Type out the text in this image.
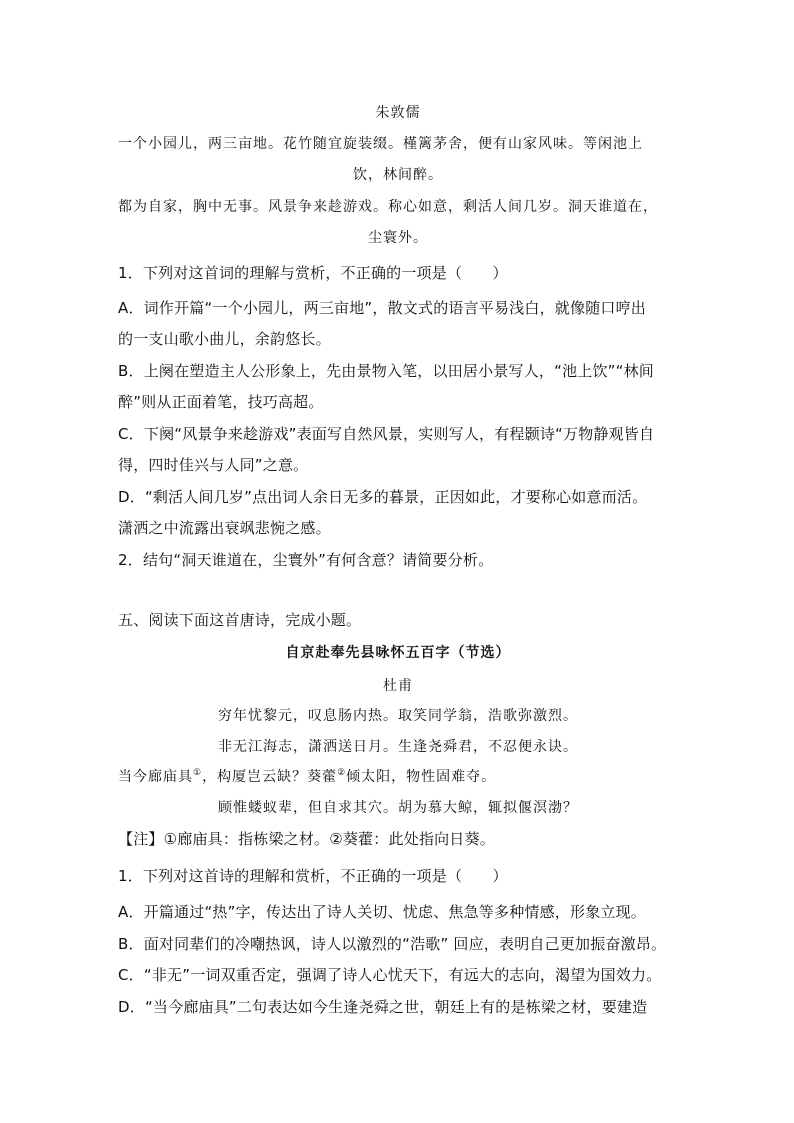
朱敦儒
一个小园儿，两三亩地。花竹随宜旋装缀。槿篱茅舍，便有山家风味。等闲池上
饮，林间醉。
都为自家，胸中无事。风景争来趁游戏。称心如意，剩活人间几岁。洞天谁道在，
尘寰外。
1．下列对这首词的理解与赏析，不正确的一项是（　　）
A．词作开篇“一个小园儿，两三亩地”，散文式的语言平易浅白，就像随口哼出
的一支山歌小曲儿，余韵悠长。
B．上阕在塑造主人公形象上，先由景物入笔，以田居小景写人，“池上饮”“林间
醉”则从正面着笔，技巧高超。
C．下阕“风景争来趁游戏”表面写自然风景，实则写人，有程颢诗“万物静观皆自
得，四时佳兴与人同”之意。
D．“剩活人间几岁”点出词人余日无多的暮景，正因如此，才要称心如意而活。
潇洒之中流露出衰飒悲惋之感。
2．结句“洞天谁道在，尘寰外”有何含意？请简要分析。
五、阅读下面这首唐诗，完成小题。
自京赴奉先县咏怀五百字（节选）
杜甫
穷年忧黎元，叹息肠内热。取笑同学翁，浩歌弥激烈。
非无江海志，潇洒送日月。生逢尧舜君，不忍便永诀。
当今廊庙具①，构厦岂云缺？葵藿②倾太阳，物性固难夺。
顾惟蝼蚁辈，但自求其穴。胡为慕大鲸，辄拟偃溟渤？
【注】①廊庙具：指栋梁之材。②葵藿：此处指向日葵。
1．下列对这首诗的理解和赏析，不正确的一项是（　　）
A．开篇通过“热”字，传达出了诗人关切、忧虑、焦急等多种情感，形象立现。
B．面对同辈们的冷嘲热讽，诗人以激烈的“浩歌” 回应，表明自己更加振奋激昂。
C．“非无”一词双重否定，强调了诗人心忧天下，有远大的志向，渴望为国效力。
D．“当今廊庙具”二句表达如今生逢尧舜之世，朝廷上有的是栋梁之材，要建造
